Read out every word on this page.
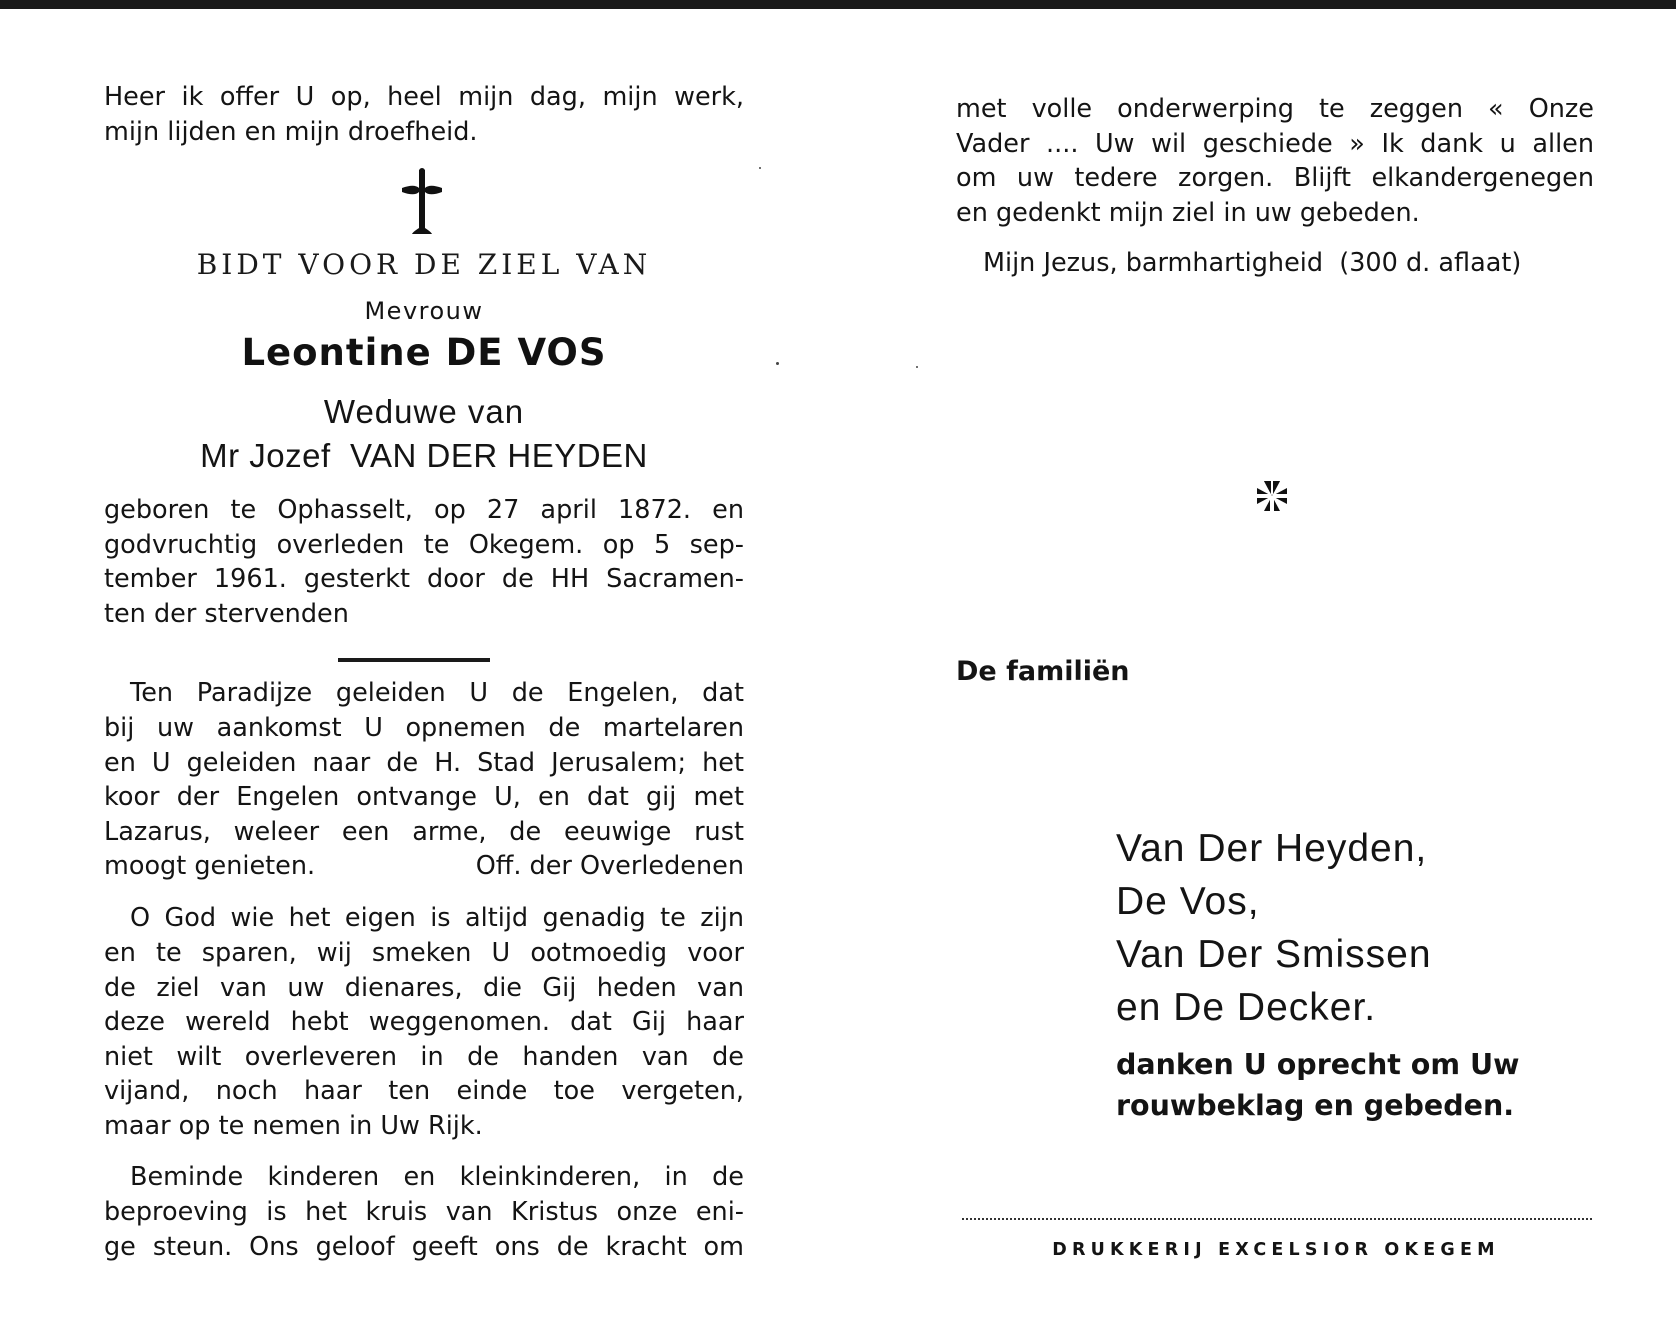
Heer ik offer U op, heel mijn dag, mijn werk,
mijn lijden en mijn droefheid.
BIDT VOOR DE ZIEL VAN
Mevrouw
Leontine DE VOS
Weduwe van
Mr Jozef  VAN DER HEYDEN
geboren te Ophasselt, op 27 april 1872. en
godvruchtig overleden te Okegem. op 5 sep-
tember 1961. gesterkt door de HH Sacramen-
ten der stervenden
Ten Paradijze geleiden U de Engelen, dat
bij uw aankomst U opnemen de martelaren
en U geleiden naar de H. Stad Jerusalem; het
koor der Engelen ontvange U, en dat gij met
Lazarus, weleer een arme, de eeuwige rust
moogt genieten.	Off. der Overledenen
O God wie het eigen is altijd genadig te zijn
en te sparen, wij smeken U ootmoedig voor
de ziel van uw dienares, die Gij heden van
deze wereld hebt weggenomen. dat Gij haar
niet wilt overleveren in de handen van de
vijand, noch haar ten einde toe vergeten,
maar op te nemen in Uw Rijk.
Beminde kinderen en kleinkinderen, in de
beproeving is het kruis van Kristus onze eni-
ge steun. Ons geloof geeft ons de kracht om
met volle onderwerping te zeggen « Onze
Vader .... Uw wil geschiede » Ik dank u allen
om uw tedere zorgen. Blijft elkandergenegen
en gedenkt mijn ziel in uw gebeden.
Mijn Jezus, barmhartigheid  (300 d. aflaat)
De familiën
Van Der Heyden,
De Vos,
Van Der Smissen
en De Decker.
danken U oprecht om Uw
rouwbeklag en gebeden.
DRUKKERIJ EXCELSIOR OKEGEM
